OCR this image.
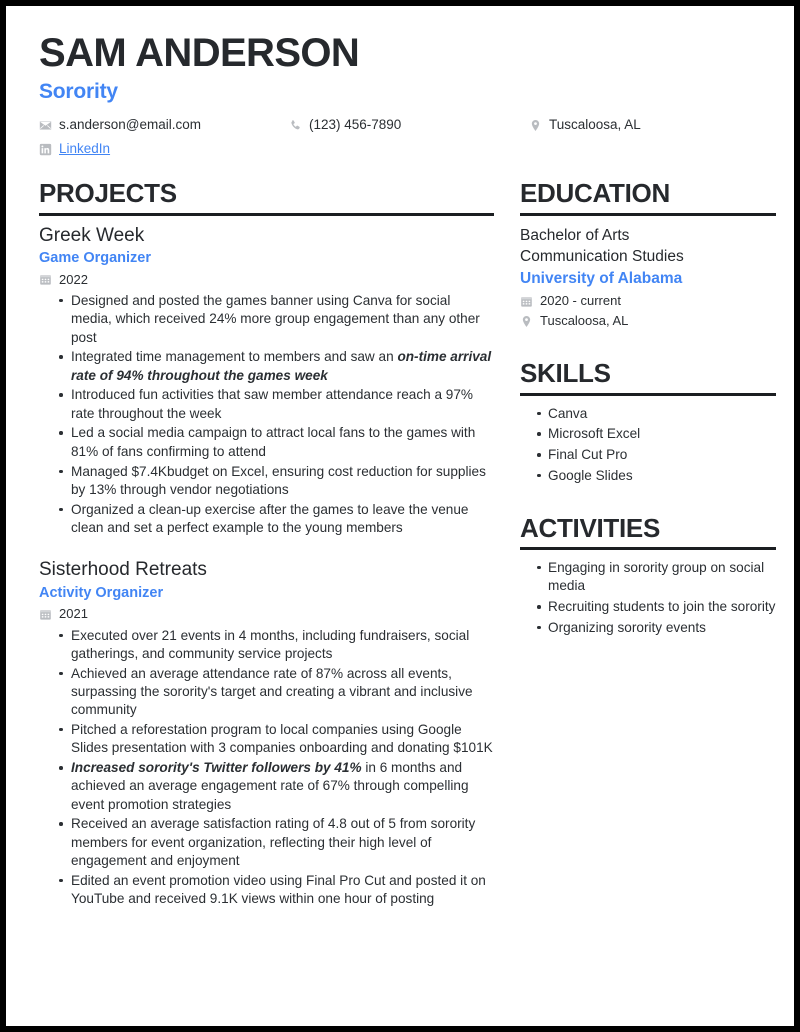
SAM ANDERSON
Sorority
s.anderson@email.com	(123) 456-7890	Tuscaloosa, AL
LinkedIn
PROJECTS
Greek Week
Game Organizer
2022
Designed and posted the games banner using Canva for social media, which received 24% more group engagement than any other post
Integrated time management to members and saw an on-time arrival rate of 94% throughout the games week
Introduced fun activities that saw member attendance reach a 97% rate throughout the week
Led a social media campaign to attract local fans to the games with 81% of fans confirming to attend
Managed $7.4Kbudget on Excel, ensuring cost reduction for supplies by 13% through vendor negotiations
Organized a clean-up exercise after the games to leave the venue clean and set a perfect example to the young members
Sisterhood Retreats
Activity Organizer
2021
Executed over 21 events in 4 months, including fundraisers, social gatherings, and community service projects
Achieved an average attendance rate of 87% across all events, surpassing the sorority's target and creating a vibrant and inclusive community
Pitched a reforestation program to local companies using Google Slides presentation with 3 companies onboarding and donating $101K
Increased sorority's Twitter followers by 41% in 6 months and achieved an average engagement rate of 67% through compelling event promotion strategies
Received an average satisfaction rating of 4.8 out of 5 from sorority members for event organization, reflecting their high level of engagement and enjoyment
Edited an event promotion video using Final Pro Cut and posted it on YouTube and received 9.1K views within one hour of posting
EDUCATION
Bachelor of Arts
Communication Studies
University of Alabama
2020 - current
Tuscaloosa, AL
SKILLS
Canva
Microsoft Excel
Final Cut Pro
Google Slides
ACTIVITIES
Engaging in sorority group on social media
Recruiting students to join the sorority
Organizing sorority events
